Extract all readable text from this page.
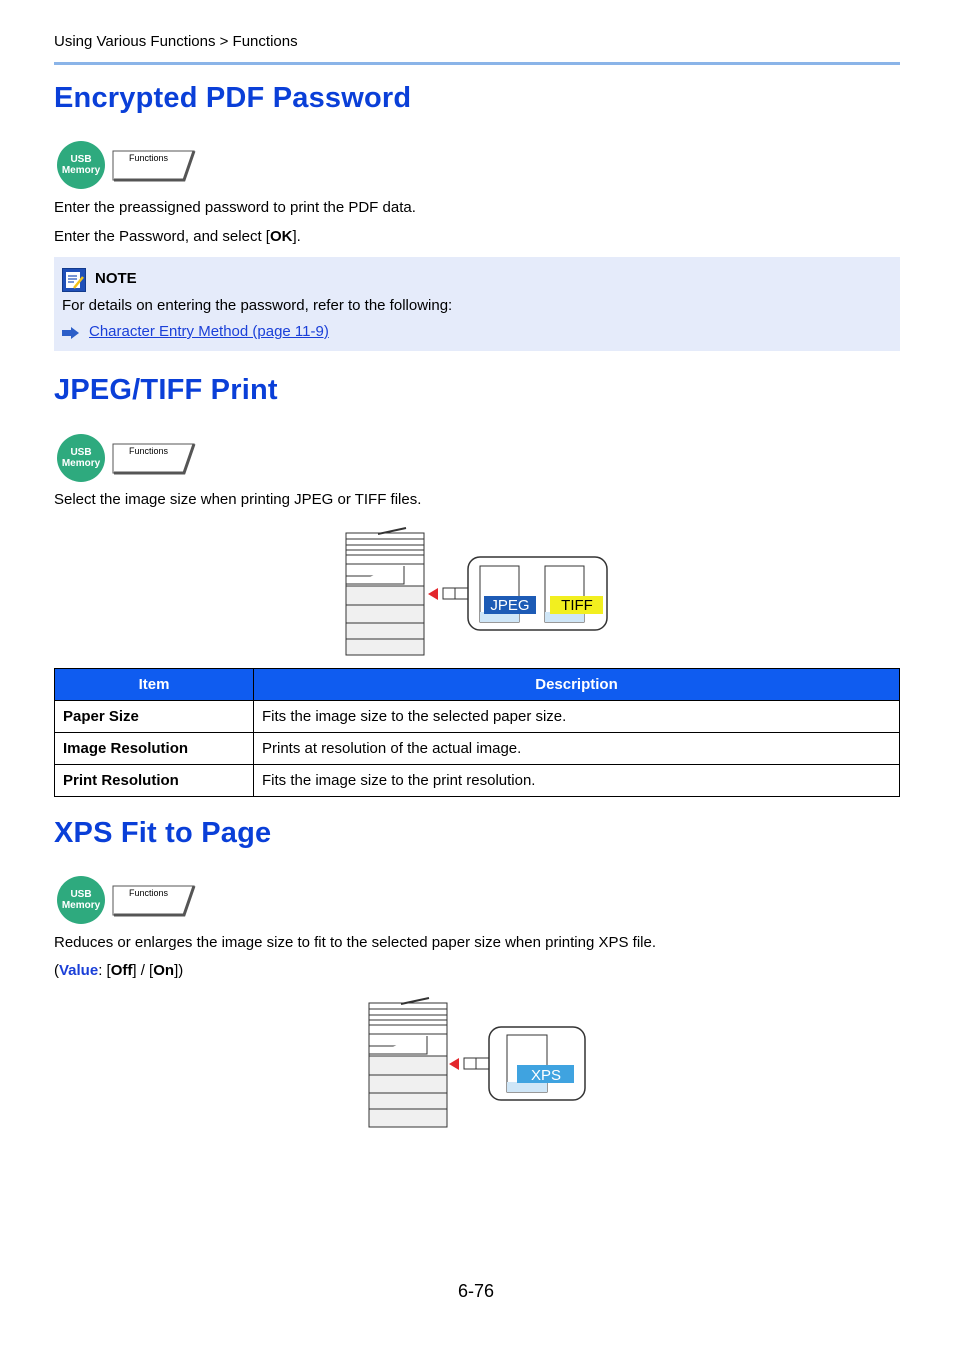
Using Various Functions > Functions
Encrypted PDF Password
USB
Memory
Functions
Enter the preassigned password to print the PDF data.
Enter the Password, and select [OK].
NOTE
For details on entering the password, refer to the following:
Character Entry Method (page 11-9)
JPEG/TIFF Print
USB
Memory
Functions
Select the image size when printing JPEG or TIFF files.
JPEG TIFF
Item	Description
Paper Size	Fits the image size to the selected paper size.
Image Resolution	Prints at resolution of the actual image.
Print Resolution	Fits the image size to the print resolution.
XPS Fit to Page
USB
Memory
Functions
Reduces or enlarges the image size to fit to the selected paper size when printing XPS file.
(Value: [Off] / [On])
XPS
6-76
